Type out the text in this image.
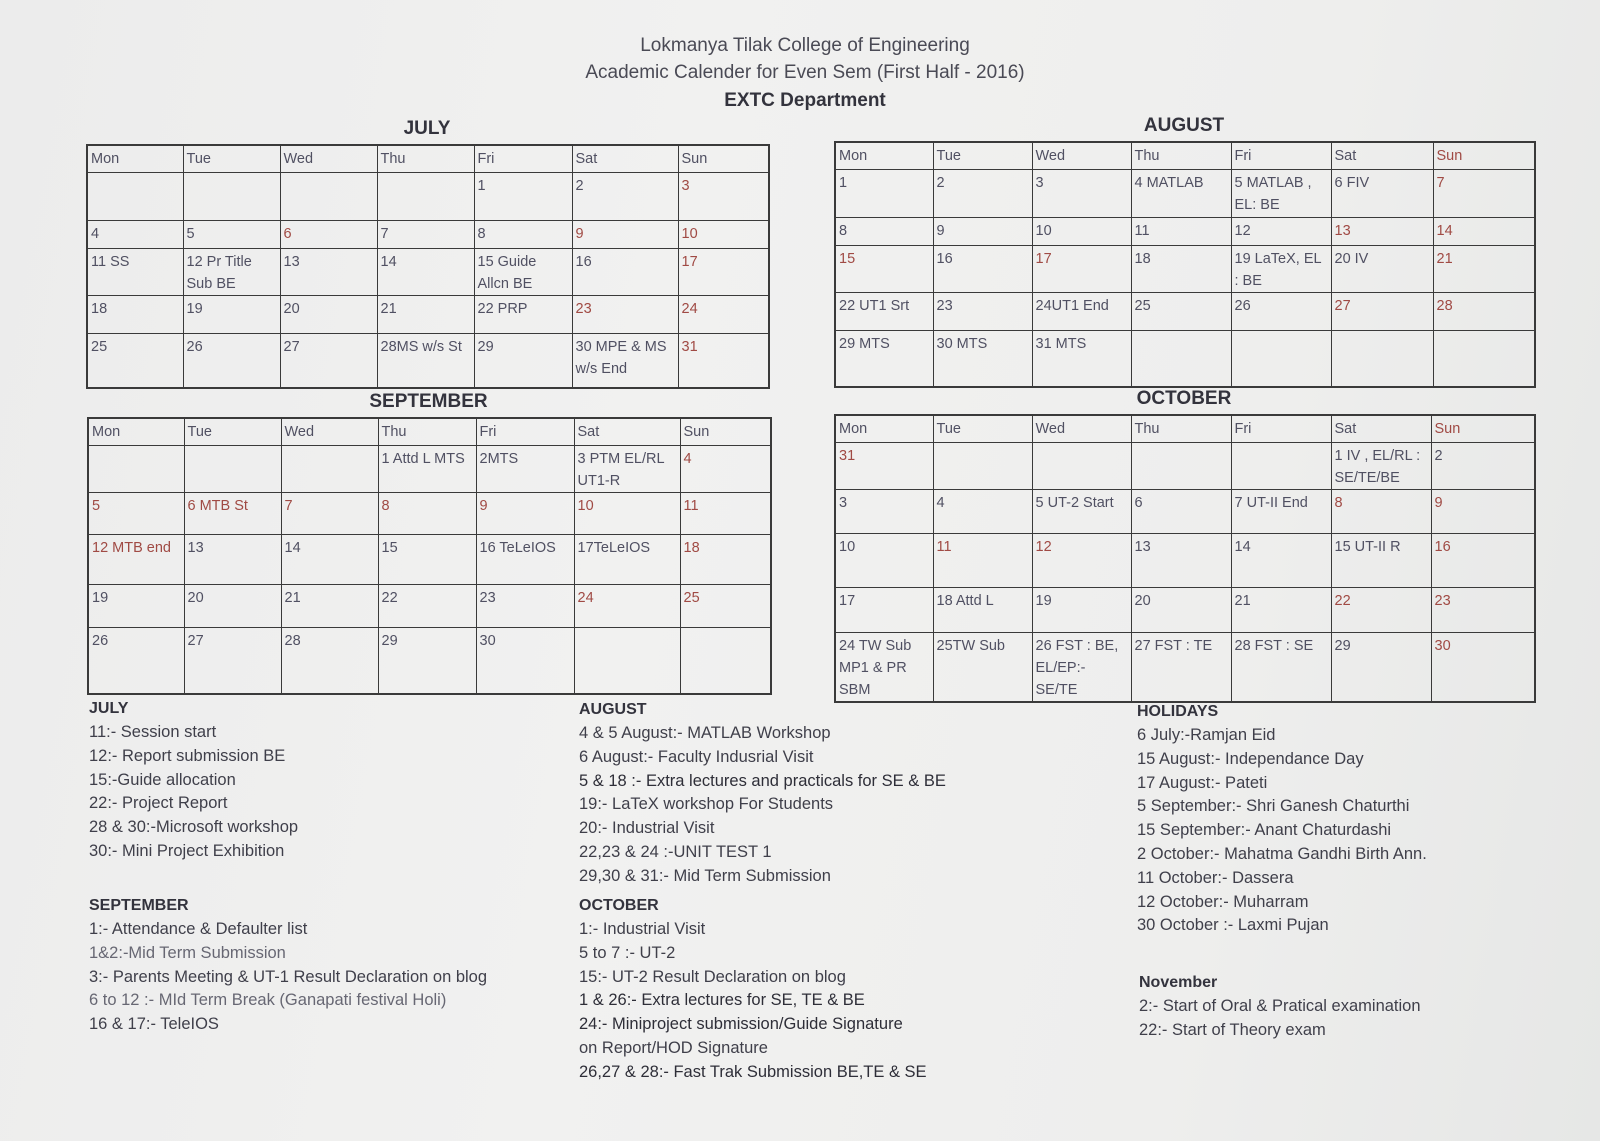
Lokmanya Tilak College of Engineering
Academic Calender for Even Sem (First Half - 2016)
EXTC Department
JULY
Mon	Tue	Wed	Thu	Fri	Sat	Sun
				1	2	3
4	5	6	7	8	9	10
11 SS	12 Pr Title Sub BE	13	14	15 Guide Allcn BE	16	17
18	19	20	21	22 PRP	23	24
25	26	27	28MS w/s St	29	30 MPE & MS w/s End	31
AUGUST
Mon	Tue	Wed	Thu	Fri	Sat	Sun
1	2	3	4 MATLAB	5 MATLAB , EL: BE	6 FIV	7
8	9	10	11	12	13	14
15	16	17	18	19 LaTeX, EL : BE	20 IV	21
22 UT1 Srt	23	24UT1 End	25	26	27	28
29 MTS	30 MTS	31 MTS				
SEPTEMBER
Mon	Tue	Wed	Thu	Fri	Sat	Sun
			1 Attd L MTS	2MTS	3 PTM EL/RL UT1-R	4
5	6 MTB St	7	8	9	10	11
12 MTB end	13	14	15	16 TeLeIOS	17TeLeIOS	18
19	20	21	22	23	24	25
26	27	28	29	30		
OCTOBER
Mon	Tue	Wed	Thu	Fri	Sat	Sun
31					1 IV , EL/RL : SE/TE/BE	2
3	4	5 UT-2 Start	6	7 UT-II End	8	9
10	11	12	13	14	15 UT-II R	16
17	18 Attd L	19	20	21	22	23
24 TW Sub MP1 & PR SBM	25TW Sub	26 FST : BE, EL/EP:- SE/TE	27 FST : TE	28 FST : SE	29	30
JULY
11:- Session start
12:- Report submission BE
15:-Guide allocation
22:- Project Report
28 & 30:-Microsoft workshop
30:- Mini Project Exhibition
SEPTEMBER
1:- Attendance & Defaulter list
1&2:-Mid Term Submission
3:- Parents Meeting & UT-1 Result Declaration on blog
6 to 12 :- MId Term Break (Ganapati festival Holi)
16 & 17:- TeleIOS
AUGUST
4 & 5 August:- MATLAB Workshop
6 August:- Faculty Indusrial Visit
5 & 18 :- Extra lectures and practicals for SE & BE
19:- LaTeX workshop For Students
20:- Industrial Visit
22,23 & 24 :-UNIT TEST 1
29,30 & 31:- Mid Term Submission
OCTOBER
1:- Industrial Visit
5 to 7 :- UT-2
15:- UT-2 Result Declaration on blog
1 & 26:- Extra lectures for SE, TE & BE
24:- Miniproject submission/Guide Signature
on Report/HOD Signature
26,27 & 28:- Fast Trak Submission BE,TE & SE
HOLIDAYS
6 July:-Ramjan Eid
15 August:- Independance Day
17 August:- Pateti
5 September:- Shri Ganesh Chaturthi
15 September:- Anant Chaturdashi
2 October:- Mahatma Gandhi Birth Ann.
11 October:- Dassera
12 October:- Muharram
30 October :- Laxmi Pujan
November
2:- Start of Oral & Pratical examination
22:- Start of Theory exam
